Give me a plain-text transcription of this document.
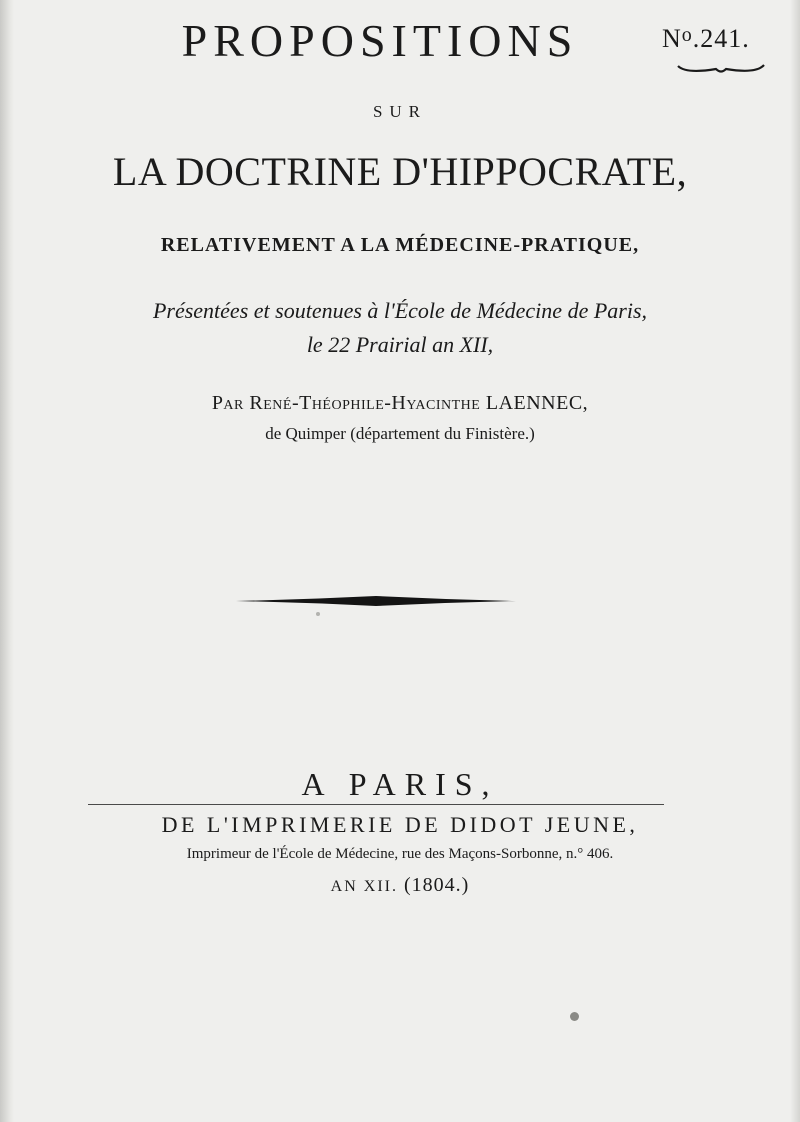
$N^o.241$.
PROPOSITIONS
SUR
LA DOCTRINE D'HIPPOCRATE,
RELATIVEMENT A LA MÉDECINE-PRATIQUE,
Présentées et soutenues à l'École de Médecine de Paris,
le 22 Prairial an XII,
Par René-Théophile-Hyacinthe LAENNEC,
de Quimper (département du Finistère.)
A PARIS,
DE L'IMPRIMERIE DE DIDOT JEUNE,
Imprimeur de l'École de Médecine, rue des Maçons-Sorbonne, n.° 406.
AN XII. (1804.)
